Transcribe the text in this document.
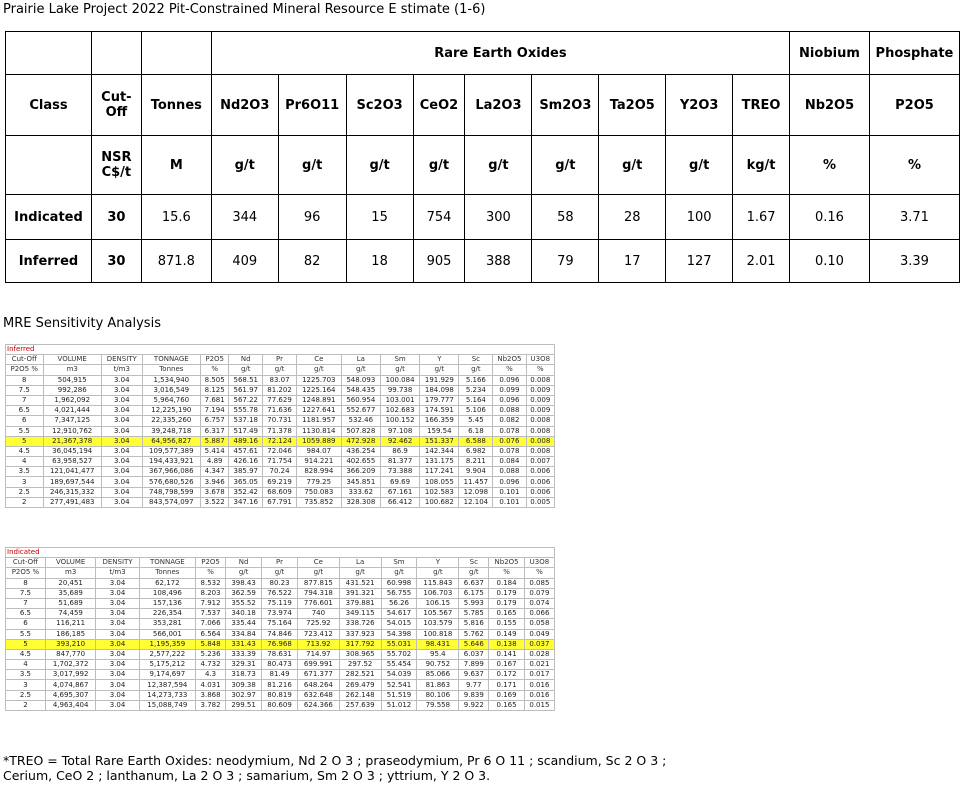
Prairie Lake Project 2022 Pit-Constrained Mineral Resource E stimate (1-6)
			Rare Earth Oxides									Niobium	Phosphate
Class	Cut-Off	Tonnes	Nd2O3	Pr6O11	Sc2O3	CeO2	La2O3	Sm2O3	Ta2O5	Y2O3	TREO	Nb2O5	P2O5
	NSR C$/t	M	g/t	g/t	g/t	g/t	g/t	g/t	g/t	g/t	kg/t	%	%
Indicated	30	15.6	344	96	15	754	300	58	28	100	1.67	0.16	3.71
Inferred	30	871.8	409	82	18	905	388	79	17	127	2.01	0.10	3.39
MRE Sensitivity Analysis
Inferred													
Cut-Off	VOLUME	DENSITY	TONNAGE	P2O5	Nd	Pr	Ce	La	Sm	Y	Sc	Nb2O5	U3O8
P2O5 %	m3	t/m3	Tonnes	%	g/t	g/t	g/t	g/t	g/t	g/t	g/t	%	%
8	504,915	3.04	1,534,940	8.505	568.51	83.07	1225.703	548.093	100.084	191.929	5.166	0.096	0.008
7.5	992,286	3.04	3,016,549	8.125	561.97	81.202	1225.164	548.435	99.738	184.098	5.234	0.099	0.009
7	1,962,092	3.04	5,964,760	7.681	567.22	77.629	1248.891	560.954	103.001	179.777	5.164	0.096	0.009
6.5	4,021,444	3.04	12,225,190	7.194	555.78	71.636	1227.641	552.677	102.683	174.591	5.106	0.088	0.009
6	7,347,125	3.04	22,335,260	6.757	537.18	70.731	1181.957	532.46	100.152	166.359	5.45	0.082	0.008
5.5	12,910,762	3.04	39,248,718	6.317	517.49	71.378	1130.814	507.828	97.108	159.54	6.18	0.078	0.008
5	21,367,378	3.04	64,956,827	5.887	489.16	72.124	1059.889	472.928	92.462	151.337	6.588	0.076	0.008
4.5	36,045,194	3.04	109,577,389	5.414	457.61	72.046	984.07	436.254	86.9	142.344	6.982	0.078	0.008
4	63,958,527	3.04	194,433,921	4.89	426.16	71.754	914.221	402.655	81.377	131.175	8.211	0.084	0.007
3.5	121,041,477	3.04	367,966,086	4.347	385.97	70.24	828.994	366.209	73.388	117.241	9.904	0.088	0.006
3	189,697,544	3.04	576,680,526	3.946	365.05	69.219	779.25	345.851	69.69	108.055	11.457	0.096	0.006
2.5	246,315,332	3.04	748,798,599	3.678	352.42	68.609	750.083	333.62	67.161	102.583	12.098	0.101	0.006
2	277,491,483	3.04	843,574,097	3.522	347.16	67.791	735.852	328.308	66.412	100.682	12.104	0.101	0.005
Indicated													
Cut-Off	VOLUME	DENSITY	TONNAGE	P2O5	Nd	Pr	Ce	La	Sm	Y	Sc	Nb2O5	U3O8
P2O5 %	m3	t/m3	Tonnes	%	g/t	g/t	g/t	g/t	g/t	g/t	g/t	%	%
8	20,451	3.04	62,172	8.532	398.43	80.23	877.815	431.521	60.998	115.843	6.637	0.184	0.085
7.5	35,689	3.04	108,496	8.203	362.59	76.522	794.318	391.321	56.755	106.703	6.175	0.179	0.079
7	51,689	3.04	157,136	7.912	355.52	75.119	776.601	379.881	56.26	106.15	5.993	0.179	0.074
6.5	74,459	3.04	226,354	7.537	340.18	73.974	740	349.115	54.617	105.567	5.785	0.165	0.066
6	116,211	3.04	353,281	7.066	335.44	75.164	725.92	338.726	54.015	103.579	5.816	0.155	0.058
5.5	186,185	3.04	566,001	6.564	334.84	74.846	723.412	337.923	54.398	100.818	5.762	0.149	0.049
5	393,210	3.04	1,195,359	5.848	331.43	76.968	713.92	317.792	55.031	98.431	5.646	0.138	0.037
4.5	847,770	3.04	2,577,222	5.236	333.39	78.631	714.97	308.965	55.702	95.4	6.037	0.141	0.028
4	1,702,372	3.04	5,175,212	4.732	329.31	80.473	699.991	297.52	55.454	90.752	7.899	0.167	0.021
3.5	3,017,992	3.04	9,174,697	4.3	318.73	81.49	671.377	282.521	54.039	85.066	9.637	0.172	0.017
3	4,074,867	3.04	12,387,594	4.031	309.38	81.216	648.264	269.479	52.541	81.863	9.77	0.171	0.016
2.5	4,695,307	3.04	14,273,733	3.868	302.97	80.819	632.648	262.148	51.519	80.106	9.839	0.169	0.016
2	4,963,404	3.04	15,088,749	3.782	299.51	80.609	624.366	257.639	51.012	79.558	9.922	0.165	0.015
*TREO = Total Rare Earth Oxides: neodymium, Nd 2 O 3 ; praseodymium, Pr 6 O 11 ; scandium, Sc 2 O 3 ;
Cerium, CeO 2 ; lanthanum, La 2 O 3 ; samarium, Sm 2 O 3 ; yttrium, Y 2 O 3.
